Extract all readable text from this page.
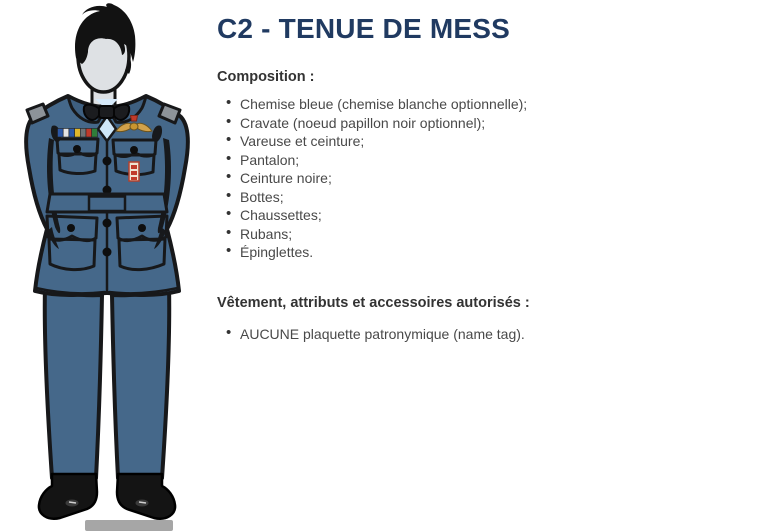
C2 - TENUE DE MESS
Composition :
• Chemise bleue (chemise blanche optionnelle);
• Cravate (noeud papillon noir optionnel);
• Vareuse et ceinture;
• Pantalon;
• Ceinture noire;
• Bottes;
• Chaussettes;
• Rubans;
• Épinglettes.
Vêtement, attributs et accessoires autorisés :
• AUCUNE plaquette patronymique (name tag).
